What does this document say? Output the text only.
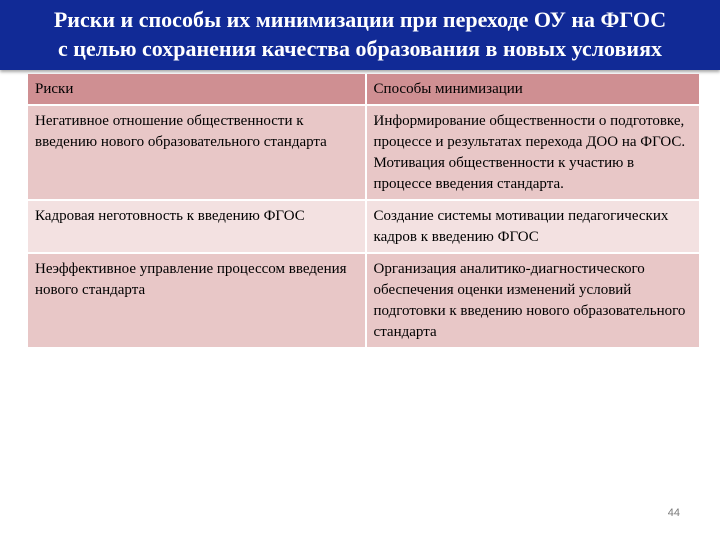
Риски и способы их минимизации при переходе ОУ на ФГОС
с целью сохранения качества образования в новых условиях
Риски	Способы минимизации
Негативное отношение общественности к введению нового образовательного стандарта	Информирование общественности о подготовке, процессе и результатах перехода ДОО на ФГОС. Мотивация общественности к участию в процессе введения стандарта.
Кадровая неготовность к введению ФГОС	Создание системы мотивации педагогических кадров к введению ФГОС
Неэффективное управление процессом введения нового стандарта	Организация аналитико-диагностического обеспечения оценки изменений условий подготовки к введению нового образовательного стандарта
44
